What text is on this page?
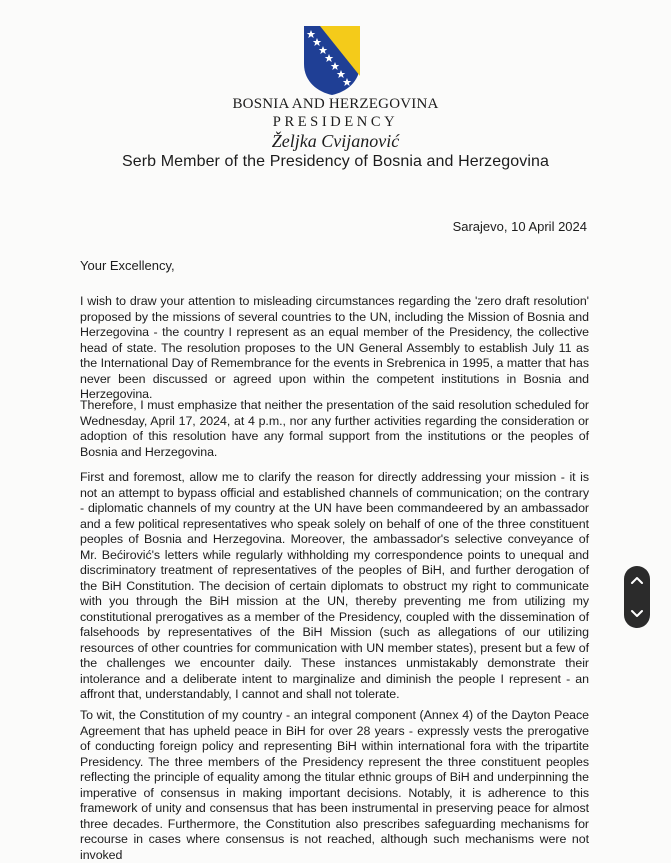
BOSNIA AND HERZEGOVINA
PRESIDENCY
Željka Cvijanović
Serb Member of the Presidency of Bosnia and Herzegovina
Sarajevo, 10 April 2024
Your Excellency,

I wish to draw your attention to misleading circumstances regarding the 'zero draft resolution' proposed by the missions of several countries to the UN, including the Mission of Bosnia and Herzegovina - the country I represent as an equal member of the Presidency, the collective head of state. The resolution proposes to the UN General Assembly to establish July 11 as the International Day of Remembrance for the events in Srebrenica in 1995, a matter that has never been discussed or agreed upon within the competent institutions in Bosnia and Herzegovina.

Therefore, I must emphasize that neither the presentation of the said resolution scheduled for Wednesday, April 17, 2024, at 4 p.m., nor any further activities regarding the consideration or adoption of this resolution have any formal support from the institutions or the peoples of Bosnia and Herzegovina.

First and foremost, allow me to clarify the reason for directly addressing your mission - it is not an attempt to bypass official and established channels of communication; on the contrary - diplomatic channels of my country at the UN have been commandeered by an ambassador and a few political representatives who speak solely on behalf of one of the three constituent peoples of Bosnia and Herzegovina. Moreover, the ambassador's selective conveyance of Mr. Bećirović's letters while regularly withholding my correspondence points to unequal and discriminatory treatment of representatives of the peoples of BiH, and further derogation of the BiH Constitution. The decision of certain diplomats to obstruct my right to communicate with you through the BiH mission at the UN, thereby preventing me from utilizing my constitutional prerogatives as a member of the Presidency, coupled with the dissemination of falsehoods by representatives of the BiH Mission (such as allegations of our utilizing resources of other countries for communication with UN member states), present but a few of the challenges we encounter daily. These instances unmistakably demonstrate their intolerance and a deliberate intent to marginalize and diminish the people I represent - an affront that, understandably, I cannot and shall not tolerate.

To wit, the Constitution of my country - an integral component (Annex 4) of the Dayton Peace Agreement that has upheld peace in BiH for over 28 years - expressly vests the prerogative of conducting foreign policy and representing BiH within international fora with the tripartite Presidency. The three members of the Presidency represent the three constituent peoples reflecting the principle of equality among the titular ethnic groups of BiH and underpinning the imperative of consensus in making important decisions. Notably, it is adherence to this framework of unity and consensus that has been instrumental in preserving peace for almost three decades. Furthermore, the Constitution also prescribes safeguarding mechanisms for recourse in cases where consensus is not reached, although such mechanisms were not invoked
